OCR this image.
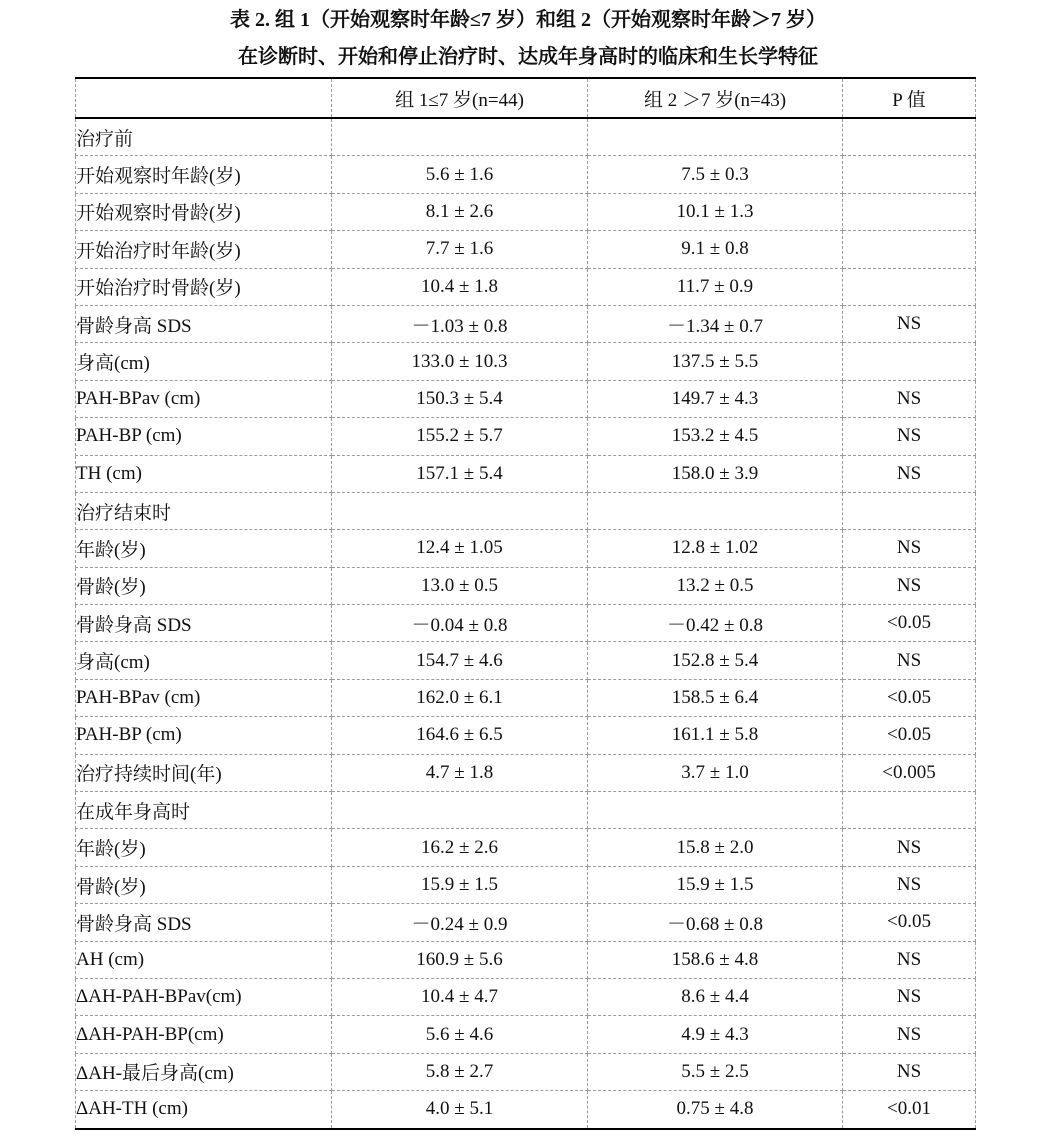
表 2. 组 1（开始观察时年龄≤7 岁）和组 2（开始观察时年龄＞7 岁）
在诊断时、开始和停止治疗时、达成年身高时的临床和生长学特征
	组 1≤7 岁(n=44)	组 2 ＞7 岁(n=43)	P 值
治疗前			
开始观察时年龄(岁)	5.6 ± 1.6	7.5 ± 0.3	
开始观察时骨龄(岁)	8.1 ± 2.6	10.1 ± 1.3	
开始治疗时年龄(岁)	7.7 ± 1.6	9.1 ± 0.8	
开始治疗时骨龄(岁)	10.4 ± 1.8	11.7 ± 0.9	
骨龄身高 SDS	－1.03 ± 0.8	－1.34 ± 0.7	NS
身高(cm)	133.0 ± 10.3	137.5 ± 5.5	
PAH-BPav (cm)	150.3 ± 5.4	149.7 ± 4.3	NS
PAH-BP (cm)	155.2 ± 5.7	153.2 ± 4.5	NS
TH (cm)	157.1 ± 5.4	158.0 ± 3.9	NS
治疗结束时			
年龄(岁)	12.4 ± 1.05	12.8 ± 1.02	NS
骨龄(岁)	13.0 ± 0.5	13.2 ± 0.5	NS
骨龄身高 SDS	－0.04 ± 0.8	－0.42 ± 0.8	<0.05
身高(cm)	154.7 ± 4.6	152.8 ± 5.4	NS
PAH-BPav (cm)	162.0 ± 6.1	158.5 ± 6.4	<0.05
PAH-BP (cm)	164.6 ± 6.5	161.1 ± 5.8	<0.05
治疗持续时间(年)	4.7 ± 1.8	3.7 ± 1.0	<0.005
在成年身高时			
年龄(岁)	16.2 ± 2.6	15.8 ± 2.0	NS
骨龄(岁)	15.9 ± 1.5	15.9 ± 1.5	NS
骨龄身高 SDS	－0.24 ± 0.9	－0.68 ± 0.8	<0.05
AH (cm)	160.9 ± 5.6	158.6 ± 4.8	NS
ΔAH-PAH-BPav(cm)	10.4 ± 4.7	8.6 ± 4.4	NS
ΔAH-PAH-BP(cm)	5.6 ± 4.6	4.9 ± 4.3	NS
ΔAH-最后身高(cm)	5.8 ± 2.7	5.5 ± 2.5	NS
ΔAH-TH (cm)	4.0 ± 5.1	0.75 ± 4.8	<0.01
